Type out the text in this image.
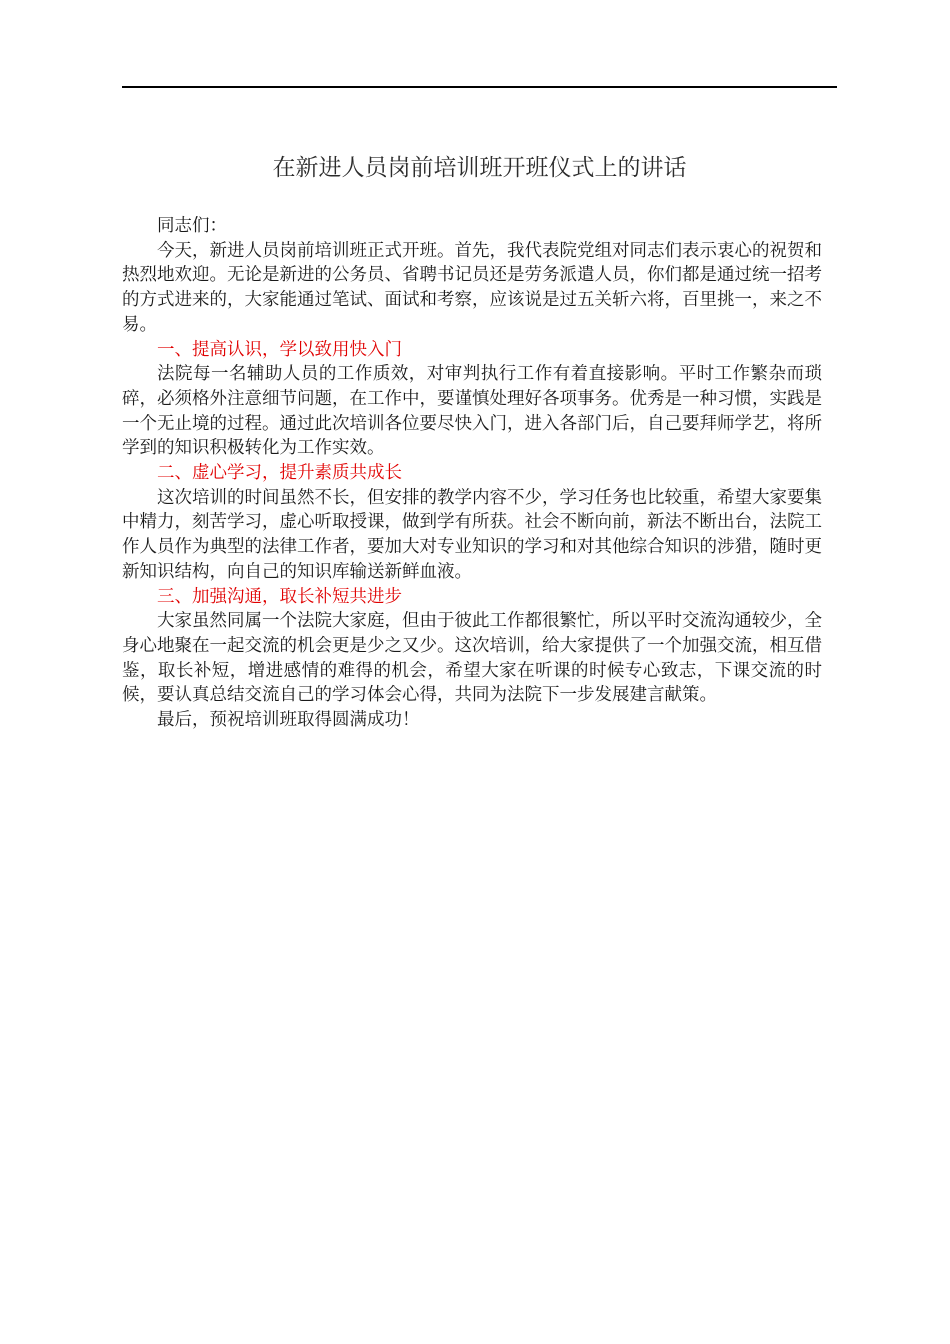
在新进人员岗前培训班开班仪式上的讲话

同志们：

今天，新进人员岗前培训班正式开班。首先，我代表院党组对同志们表示衷心的祝贺和热烈地欢迎。无论是新进的公务员、省聘书记员还是劳务派遣人员，你们都是通过统一招考的方式进来的，大家能通过笔试、面试和考察，应该说是过五关斩六将，百里挑一，来之不易。

一、提高认识，学以致用快入门

法院每一名辅助人员的工作质效，对审判执行工作有着直接影响。平时工作繁杂而琐碎，必须格外注意细节问题，在工作中，要谨慎处理好各项事务。优秀是一种习惯，实践是一个无止境的过程。通过此次培训各位要尽快入门，进入各部门后，自己要拜师学艺，将所学到的知识积极转化为工作实效。

二、虚心学习，提升素质共成长

这次培训的时间虽然不长，但安排的教学内容不少，学习任务也比较重，希望大家要集中精力，刻苦学习，虚心听取授课，做到学有所获。社会不断向前，新法不断出台，法院工作人员作为典型的法律工作者，要加大对专业知识的学习和对其他综合知识的涉猎，随时更新知识结构，向自己的知识库输送新鲜血液。

三、加强沟通，取长补短共进步

大家虽然同属一个法院大家庭，但由于彼此工作都很繁忙，所以平时交流沟通较少，全身心地聚在一起交流的机会更是少之又少。这次培训，给大家提供了一个加强交流，相互借鉴，取长补短，增进感情的难得的机会，希望大家在听课的时候专心致志，下课交流的时候，要认真总结交流自己的学习体会心得，共同为法院下一步发展建言献策。

最后，预祝培训班取得圆满成功！
